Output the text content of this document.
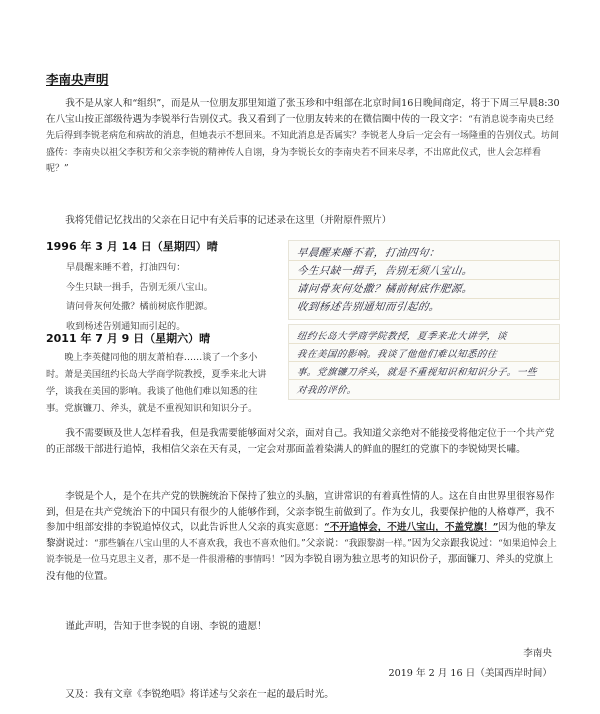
李南央声明
我不是从家人和“组织”，而是从一位朋友那里知道了张玉珍和中组部在北京时间16日晚间商定，将于下周三早晨8:30在八宝山按正部级待遇为李锐举行告别仪式。我又看到了一位朋友转来的在微信圈中传的一段文字：“有消息说李南央已经先后得到李锐老病危和病故的消息，但她表示不想回来。不知此消息是否属实？李锐老人身后一定会有一场隆重的告别仪式。坊间盛传：李南央以祖父李积芳和父亲李锐的精神传人自诩，身为李锐长女的李南央若不回来尽孝，不出席此仪式，世人会怎样看呢？”
我将凭借记忆找出的父亲在日记中有关后事的记述录在这里（并附原件照片）
1996 年 3 月 14 日（星期四）晴
早晨醒来睡不着，打油四句：
今生只缺一揖手，告别无须八宝山。
请问骨灰何处撒？橘前树底作肥源。
收到杨述告别通知而引起的。
早晨醒来睡不着，打油四句：
今生只缺一揖手，告别无须八宝山。
请问骨灰何处撒？橘前树底作肥源。
收到杨述告别通知而引起的。
2011 年 7 月 9 日（星期六）晴
晚上李英健同他的朋友萧柏春……谈了一个多小时。萧是美国纽约长岛大学商学院教授，夏季来北大讲学，谈我在美国的影响。我谈了他他们难以知悉的往事。党旗镰刀、斧头，就是不重视知识和知识分子。
纽约长岛大学商学院教授，夏季来北大讲学，谈
我在美国的影响。我谈了他他们难以知悉的往
事。党旗镰刀斧头，就是不重视知识和知识分子。一些
对我的评价。
我不需要顾及世人怎样看我，但是我需要能够面对父亲，面对自己。我知道父亲绝对不能接受将他定位于一个共产党的正部级干部进行追悼，我相信父亲在天有灵，一定会对那面盖着染满人的鲜血的腥红的党旗下的李锐恸哭长嘯。
李锐是个人，是个在共产党的铁腕统治下保持了独立的头脑，宣讲常识的有着真性情的人。这在自由世界里很容易作到，但是在共产党统治下的中国只有很少的人能够作到，父亲李锐生前做到了。作为女儿，我要保护他的人格尊严，我不参加中组部安排的李锐追悼仪式，以此告诉世人父亲的真实意愿：“不开追悼会，不进八宝山，不盖党旗！”因为他的挚友黎澍说过：“那些躺在八宝山里的人不喜欢我，我也不喜欢他们。”父亲说：“我跟黎澍一样。”因为父亲跟我说过：“如果追悼会上说李锐是一位马克思主义者，那不是一件很滑稽的事情吗！”因为李锐自诩为独立思考的知识份子，那面镰刀、斧头的党旗上没有他的位置。
谨此声明，告知于世李锐的自诩、李锐的遗愿！
李南央
2019 年 2 月 16 日（美国西岸时间）
又及：我有文章《李锐绝唱》将详述与父亲在一起的最后时光。
